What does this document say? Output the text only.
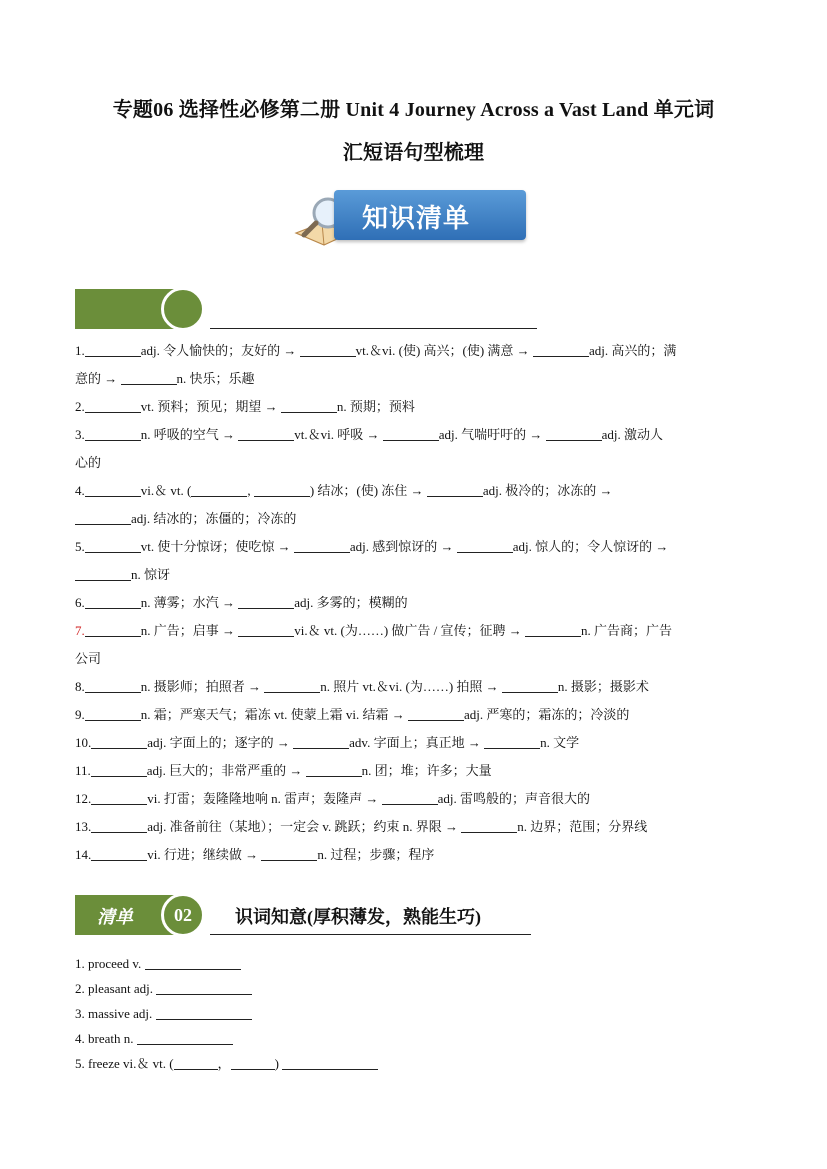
专题06 选择性必修第二册 Unit 4 Journey Across a Vast Land 单元词
汇短语句型梳理
知识清单
1.	adj. 令人愉快的；友好的 →	vt.＆vi. (使) 高兴；(使) 满意 →	adj. 高兴的；满
意的 →	n. 快乐；乐趣
2.	vt. 预料；预见；期望 →	n. 预期；预料
3.	n. 呼吸的空气 →	vt.＆vi. 呼吸 →	adj. 气喘吁吁的 →	adj. 激动人
心的
4.	vi.＆ vt. (	,	) 结冰；(使) 冻住 →	adj. 极冷的；冰冻的 →
adj. 结冰的；冻僵的；冷冻的
5.	vt. 使十分惊讶；使吃惊 →	adj. 感到惊讶的 →	adj. 惊人的；令人惊讶的 →
n. 惊讶
6.	n. 薄雾；水汽 →	adj. 多雾的；模糊的
7.	n. 广告；启事 →	vi.＆ vt. (为……) 做广告 / 宣传；征聘 →	n. 广告商；广告
公司
8.	n. 摄影师；拍照者 →	n. 照片 vt.＆vi. (为……) 拍照 →	n. 摄影；摄影术
9.	n. 霜；严寒天气；霜冻 vt. 使蒙上霜 vi. 结霜 →	adj. 严寒的；霜冻的；冷淡的
10.	adj. 字面上的；逐字的 →	adv. 字面上；真正地 →	n. 文学
11.	adj. 巨大的；非常严重的 →	n. 团；堆；许多；大量
12.	vi. 打雷；轰隆隆地响 n. 雷声；轰隆声 →	adj. 雷鸣般的；声音很大的
13.	adj. 准备前往（某地）；一定会 v. 跳跃；约束 n. 界限 →	n. 边界；范围；分界线
14.	vi. 行进；继续做 →	n. 过程；步骤；程序
清单	02	识词知意(厚积薄发，熟能生巧)
1. proceed v.
2. pleasant adj.
3. massive adj.
4. breath n.
5. freeze vi.＆ vt. (	，	)
